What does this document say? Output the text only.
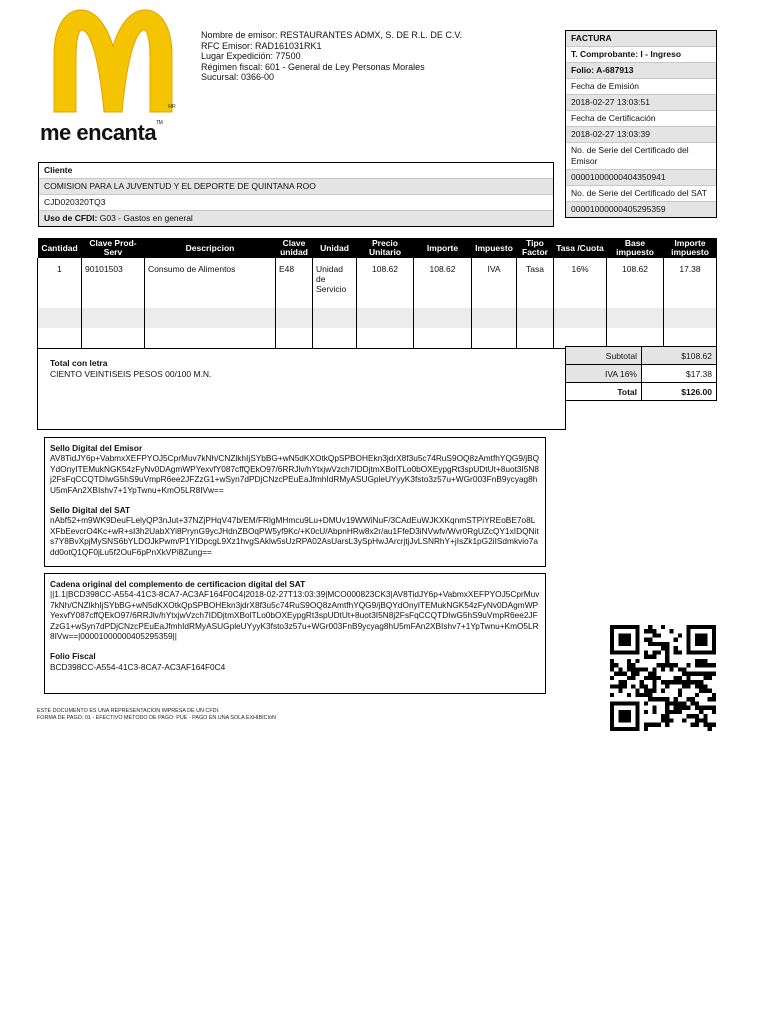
MR
me encanta™
Nombre de emisor: RESTAURANTES ADMX, S. DE R.L. DE C.V.
RFC Emisor: RAD161031RK1
Lugar Expedición: 77500
Régimen fiscal: 601 - General de Ley Personas Morales
Sucursal: 0366-00
FACTURA
T. Comprobante: I - Ingreso
Folio: A-687913
Fecha de Emisión
2018-02-27 13:03:51
Fecha de Certificación
2018-02-27 13:03:39
No. de Serie del Certificado del Emisor
00001000000404350941
No. de Serie del Certificado del SAT
00001000000405295359
Cliente
COMISION PARA LA JUVENTUD Y EL DEPORTE DE QUINTANA ROO
CJD020320TQ3
Uso de CFDI: G03 - Gastos en general
Cantidad	Clave Prod-Serv	Descripcion	Clave unidad	Unidad	Precio Unitario	Importe	Impuesto	Tipo Factor	Tasa /Cuota	Base impuesto	Importe impuesto
1	90101503	Consumo de Alimentos	E48	Unidad de Servicio	108.62	108.62	IVA	Tasa	16%	108.62	17.38

Total con letra
CIENTO VEINTISEIS PESOS 00/100 M.N.
Subtotal	$108.62
IVA 16%	$17.38
Total	$126.00
Sello Digital del Emisor
AV8TidJY6p+VabmxXEFPYOJ5CprMuv7kNh/CNZlkhIjSYbBG+wN5dKXOtkQpSPBOHEkn3jdrX8f3u5c74RuS9OQ8zAmtfhYQG9/jBQYdOnyITEMukNGK54zFyNv0DAgmWPYexvfY087cffQEkO97/6RRJlv/hYtxjwVzch7IDDjtmXBolTLo0bOXEypgRt3spUDtUt+8uot3I5N8j2FsFqCCQTDIwG5hS9uVmpR6ee2JFZzG1+wSyn7dPDjCNzcPEuEaJfmhIdRMyASUGpleUYyyK3fsto3z57u+WGr003FnB9ycyag8hU5mFAn2XBIshv7+1YpTwnu+KmO5LR8IVw==
Sello Digital del SAT
nAbf52+m9WK9DeuFLelyQP3nJut+37NZjPHqV47b/EM/FRlgMHmcu9Lu+DMUv19WWiNuF/3CAdEuWJKXKqnmSTPiYREoBE7o8LXFbEevcrO4Kc+wR+sI3h2UabXYi8PrynG9ycJHdnZBOqPW5yf9Kc/+K0cU/AbpnHRw8x2r/au1FfeD3iNVwfv/Wvr0RgUZcQY1xIDQNits7Y8BvXpjMySNS6bYLDOJkPwm/P1YIDpcgL9Xz1hvgSAklw5sUzRPA02AsUarsL3ySpHwJArcrjtjJvLSNRhY+jIsZk1pG2iISdmkvio7add0otQ1QF0jLu5f2OuF6pPnXkVPi8Zung==
Cadena original del complemento de certificacion digital del SAT
||1.1|BCD398CC-A554-41C3-8CA7-AC3AF164F0C4|2018-02-27T13:03:39|MCO000823CK3|AV8TidJY6p+VabmxXEFPYOJ5CprMuv7kNh/CNZlkhIjSYbBG+wN5dKXOtkQpSPBOHEkn3jdrX8f3u5c74RuS9OQ8zAmtfhYQG9/jBQYdOnyITEMukNGK54zFyNv0DAgmWPYexvfY087cffQEkO97/6RRJlv/hYtxjwVzch7IDDjtmXBolTLo0bOXEypgRt3spUDtUt+8uot3I5N8j2FsFqCCQTDIwG5hS9uVmpR6ee2JFZzG1+wSyn7dPDjCNzcPEuEaJfmhIdRMyASUGpleUYyyK3fsto3z57u+WGr003FnB9ycyag8hU5mFAn2XBIshv7+1YpTwnu+KmO5LR8IVw==|00001000000405295359||
Folio Fiscal
BCD398CC-A554-41C3-8CA7-AC3AF164F0C4
ESTE DOCUMENTO ES UNA REPRESENTACION IMPRESA DE UN CFDI.
FORMA DE PAGO: 01 - EFECTIVO METODO DE PAGO: PUE - PAGO EN UNA SOLA EXHIBICIóN
